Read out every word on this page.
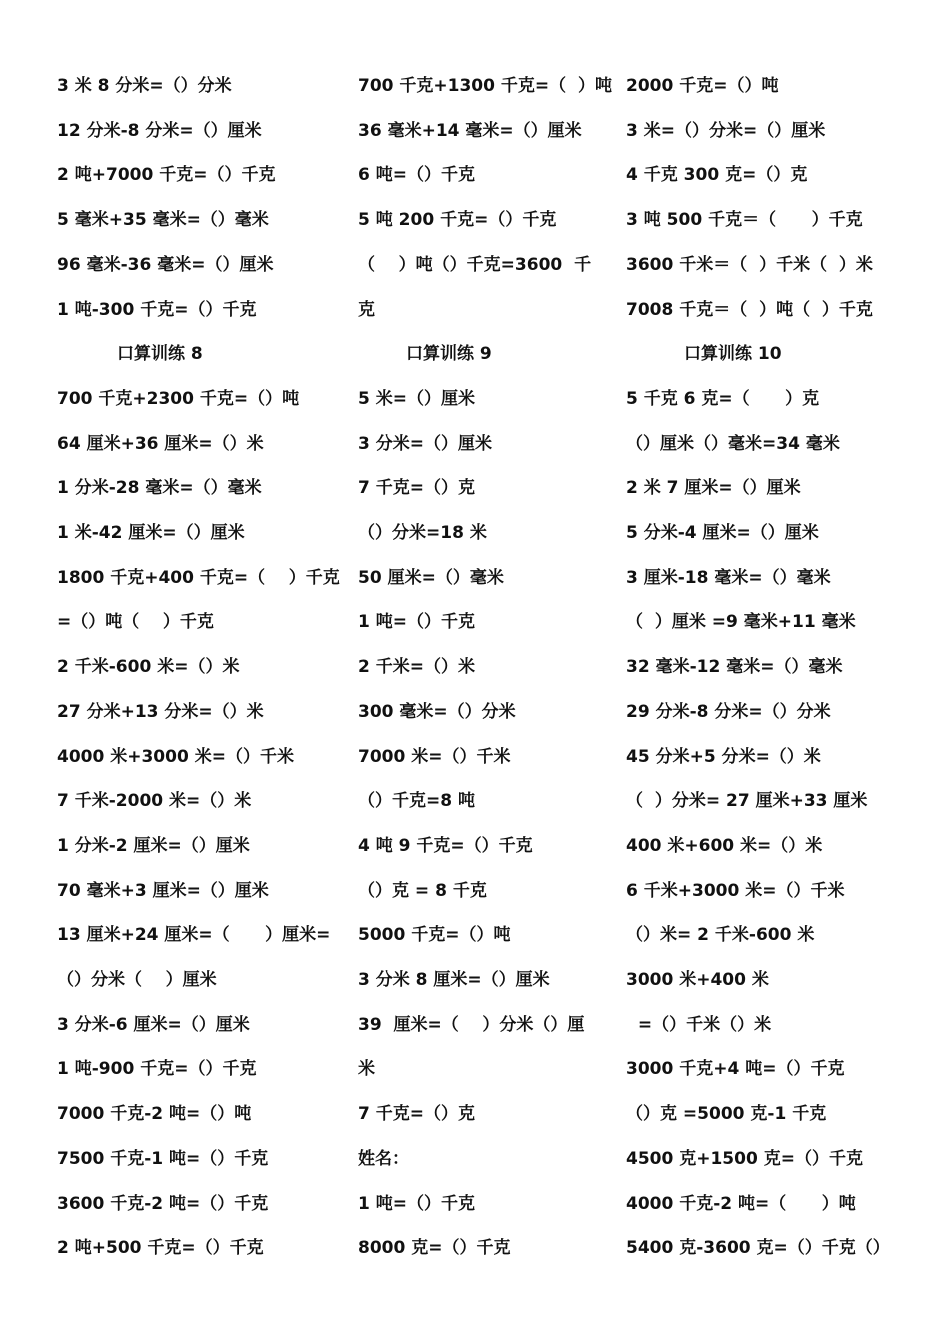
3 米 8 分米=（）分米
12 分米-8 分米=（）厘米
2 吨+7000 千克=（）千克
5 毫米+35 毫米=（）毫米
96 毫米-36 毫米=（）厘米
1 吨-300 千克=（）千克
口算训练 8
700 千克+2300 千克=（）吨
64 厘米+36 厘米=（）米
1 分米-28 毫米=（）毫米
1 米-42 厘米=（）厘米
1800 千克+400 千克=（    ）千克
=（）吨（    ）千克
2 千米-600 米=（）米
27 分米+13 分米=（）米
4000 米+3000 米=（）千米
7 千米-2000 米=（）米
1 分米-2 厘米=（）厘米
70 毫米+3 厘米=（）厘米
13 厘米+24 厘米=（      ）厘米=
（）分米（    ）厘米
3 分米-6 厘米=（）厘米
1 吨-900 千克=（）千克
7000 千克-2 吨=（）吨
7500 千克-1 吨=（）千克
3600 千克-2 吨=（）千克
2 吨+500 千克=（）千克
700 千克+1300 千克=（  ）吨
36 毫米+14 毫米=（）厘米
6 吨=（）千克
5 吨 200 千克=（）千克
（    ）吨（）千克=3600  千
克
口算训练 9
5 米=（）厘米
3 分米=（）厘米
7 千克=（）克
（）分米=18 米
50 厘米=（）毫米
1 吨=（）千克
2 千米=（）米
300 毫米=（）分米
7000 米=（）千米
（）千克=8 吨
4 吨 9 千克=（）千克
（）克 = 8 千克
5000 千克=（）吨
3 分米 8 厘米=（）厘米
39  厘米=（    ）分米（）厘
米
7 千克=（）克
姓名：
1 吨=（）千克
8000 克=（）千克
2000 千克=（）吨
3 米=（）分米=（）厘米
4 千克 300 克=（）克
3 吨 500 千克＝（      ）千克
3600 千米＝（  ）千米（  ）米
7008 千克＝（  ）吨（  ）千克
口算训练 10
5 千克 6 克=（      ）克
（）厘米（）毫米=34 毫米
2 米 7 厘米=（）厘米
5 分米-4 厘米=（）厘米
3 厘米-18 毫米=（）毫米
（  ）厘米 =9 毫米+11 毫米
32 毫米-12 毫米=（）毫米
29 分米-8 分米=（）分米
45 分米+5 分米=（）米
（  ）分米= 27 厘米+33 厘米
400 米+600 米=（）米
6 千米+3000 米=（）千米
（）米= 2 千米-600 米
3000 米+400 米
=（）千米（）米
3000 千克+4 吨=（）千克
（）克 =5000 克-1 千克
4500 克+1500 克=（）千克
4000 千克-2 吨=（      ）吨
5400 克-3600 克=（）千克（）
